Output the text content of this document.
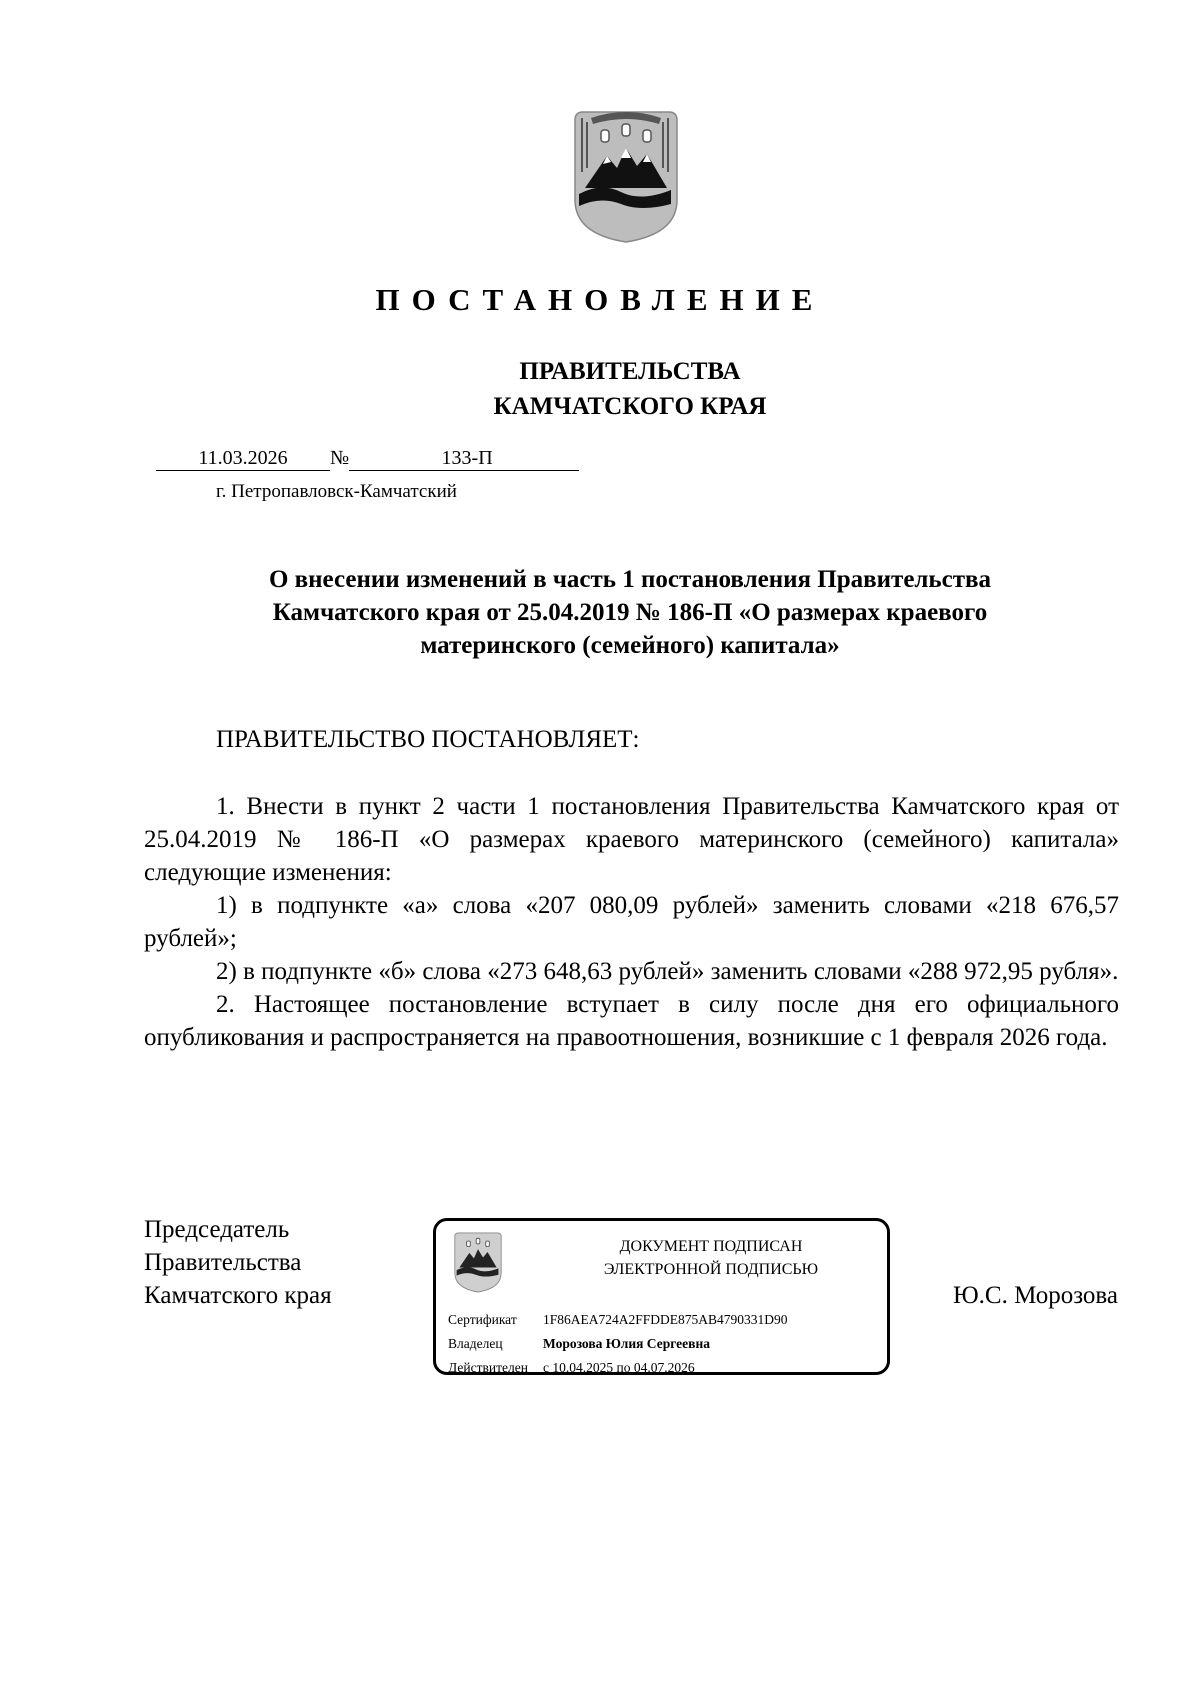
ПОСТАНОВЛЕНИЕ
ПРАВИТЕЛЬСТВА
КАМЧАТСКОГО КРАЯ
11.03.2026 №	133-П
г. Петропавловск-Камчатский
О внесении изменений в часть 1 постановления Правительства
Камчатского края от 25.04.2019 № 186-П «О размерах краевого
материнского (семейного) капитала»
ПРАВИТЕЛЬСТВО ПОСТАНОВЛЯЕТ:

1. Внести в пункт 2 части 1 постановления Правительства Камчатского края от 25.04.2019 № 186-П «О размерах краевого материнского (семейного) капитала» следующие изменения:

1) в подпункте «а» слова «207 080,09 рублей» заменить словами «218 676,57 рублей»;

2) в подпункте «б» слова «273 648,63 рублей» заменить словами «288 972,95 рубля».

2. Настоящее постановление вступает в силу после дня его официального опубликования и распространяется на правоотношения, возникшие с 1 февраля 2026 года.

Председатель
Правительства
Камчатского края
ДОКУМЕНТ ПОДПИСАН
ЭЛЕКТРОННОЙ ПОДПИСЬЮ
Сертификат 1F86AEA724A2FFDDE875AB4790331D90
Владелец	Морозова Юлия Сергеевна
Действителен с 10.04.2025 по 04.07.2026
Ю.С. Морозова
